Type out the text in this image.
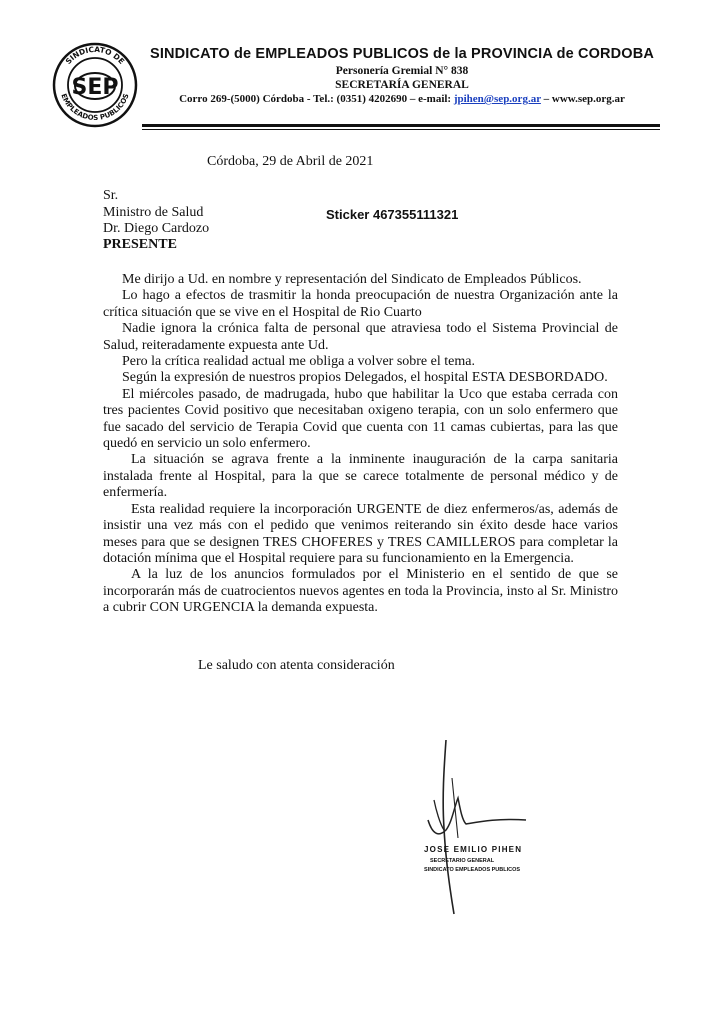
SINDICATO DE
EMPLEADOS PUBLICOS
SEP
SINDICATO de EMPLEADOS PUBLICOS de la PROVINCIA de CORDOBA
Personería Gremial N° 838
SECRETARÍA GENERAL
Corro 269-(5000) Córdoba - Tel.: (0351) 4202690 – e-mail: jpihen@sep.org.ar – www.sep.org.ar
Córdoba, 29 de Abril de 2021
Sr.
Ministro de Salud
Dr. Diego Cardozo
PRESENTE
Sticker 467355111321

Me dirijo a Ud. en nombre y representación del Sindicato de Empleados Públicos.

Lo hago a efectos de trasmitir la honda preocupación de nuestra Organización ante la crítica situación que se vive en el Hospital de Rio Cuarto

Nadie ignora la crónica falta de personal que atraviesa todo el Sistema Provincial de Salud, reiteradamente expuesta ante Ud.

Pero la crítica realidad actual me obliga a volver sobre el tema.

Según la expresión de nuestros propios Delegados, el hospital ESTA DESBORDADO.

El miércoles pasado, de madrugada, hubo que habilitar la Uco que estaba cerrada con tres pacientes Covid positivo que necesitaban oxigeno terapia, con un solo enfermero que fue sacado del servicio de Terapia Covid que cuenta con 11 camas cubiertas, para las que quedó en servicio un solo enfermero.

La situación se agrava frente a la inminente inauguración de la carpa sanitaria instalada frente al Hospital, para la que se carece totalmente de personal médico y de enfermería.

Esta realidad requiere la incorporación URGENTE de diez enfermeros/as, además de insistir una vez más con el pedido que venimos reiterando sin éxito desde hace varios meses para que se designen TRES CHOFERES y TRES CAMILLEROS para completar la dotación mínima que el Hospital requiere para su funcionamiento en la Emergencia.

A la luz de los anuncios formulados por el Ministerio en el sentido de que se incorporarán más de cuatrocientos nuevos agentes en toda la Provincia, insto al Sr. Ministro a cubrir CON URGENCIA la demanda expuesta.

Le saludo con atenta consideración
JOSE EMILIO PIHEN
SECRETARIO GENERAL
SINDICATO EMPLEADOS PUBLICOS
